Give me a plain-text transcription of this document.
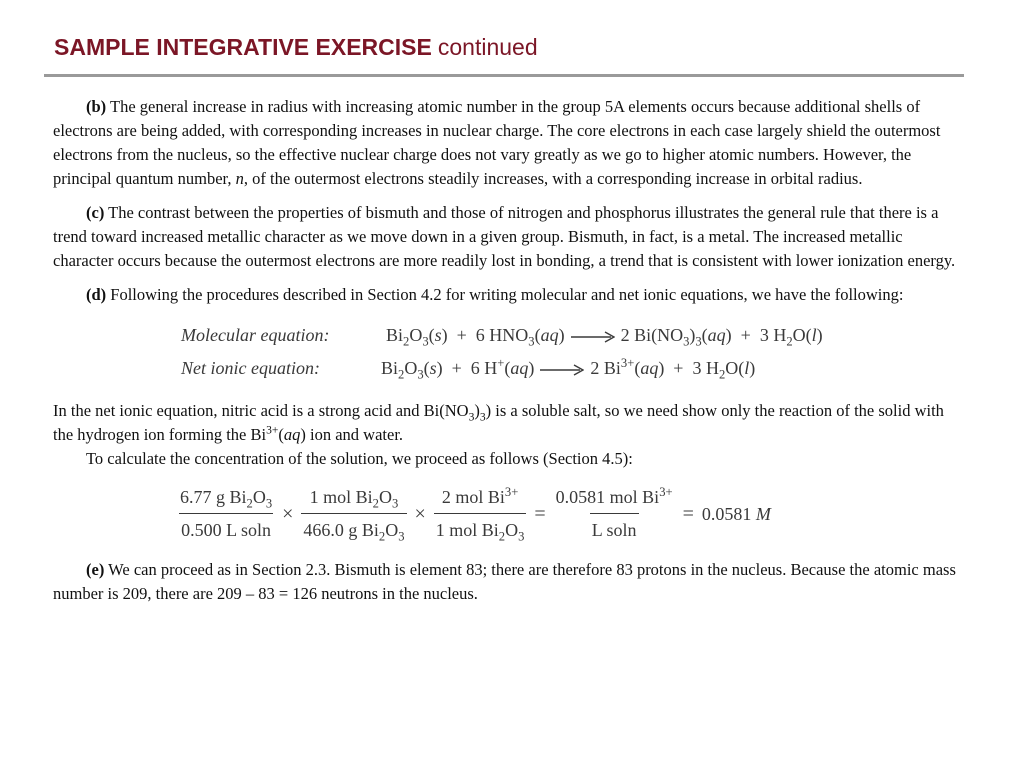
SAMPLE INTEGRATIVE EXERCISE continued

(b) The general increase in radius with increasing atomic number in the group 5A elements occurs because additional shells of electrons are being added, with corresponding increases in nuclear charge. The core electrons in each case largely shield the outermost electrons from the nucleus, so the effective nuclear charge does not vary greatly as we go to higher atomic numbers. However, the principal quantum number, n, of the outermost electrons steadily increases, with a corresponding increase in orbital radius.

(c) The contrast between the properties of bismuth and those of nitrogen and phosphorus illustrates the general rule that there is a trend toward increased metallic character as we move down in a given group. Bismuth, in fact, is a metal. The increased metallic character occurs because the outermost electrons are more readily lost in bonding, a trend that is consistent with lower ionization energy.

(d) Following the procedures described in Section 4.2 for writing molecular and net ionic equations, we have the following:

Molecular equation:	$Bi_2O_3(s) + 6$ $HNO_3(aq) \to 2$ $Bi(NO_3)_3(aq) + 3$ $H_2O(l)$
Net ionic equation:	$Bi_2O_3(s) + 6$ H+(aq) → 2 $Bi^{3+}(aq) + 3$ $H_2O(l)$

In the net ionic equation, nitric acid is a strong acid and $Bi(NO_3)_3$) is a soluble salt, so we need show only the reaction of the solid with the hydrogen ion forming the $Bi^{3+}(aq)$ ion and water.

To calculate the concentration of the solution, we proceed as follows (Section 4.5):

$\frac{6.77 g Bi_2O_3}{\text{0.500 L soln}} \times \frac{1 mol Bi_2O_3}{466.0 g Bi_2O_3} \times \frac{2 mol Bi^{3+}}{1 mol Bi_2O_3} = \frac{0.0581 mol Bi^{3+}}{\text{L soln}} = 0.0581$
M

(e) We can proceed as in Section 2.3. Bismuth is element 83; there are therefore 83 protons in the nucleus. Because the atomic mass number is 209, there are 209 – 83 = 126 neutrons in the nucleus.
